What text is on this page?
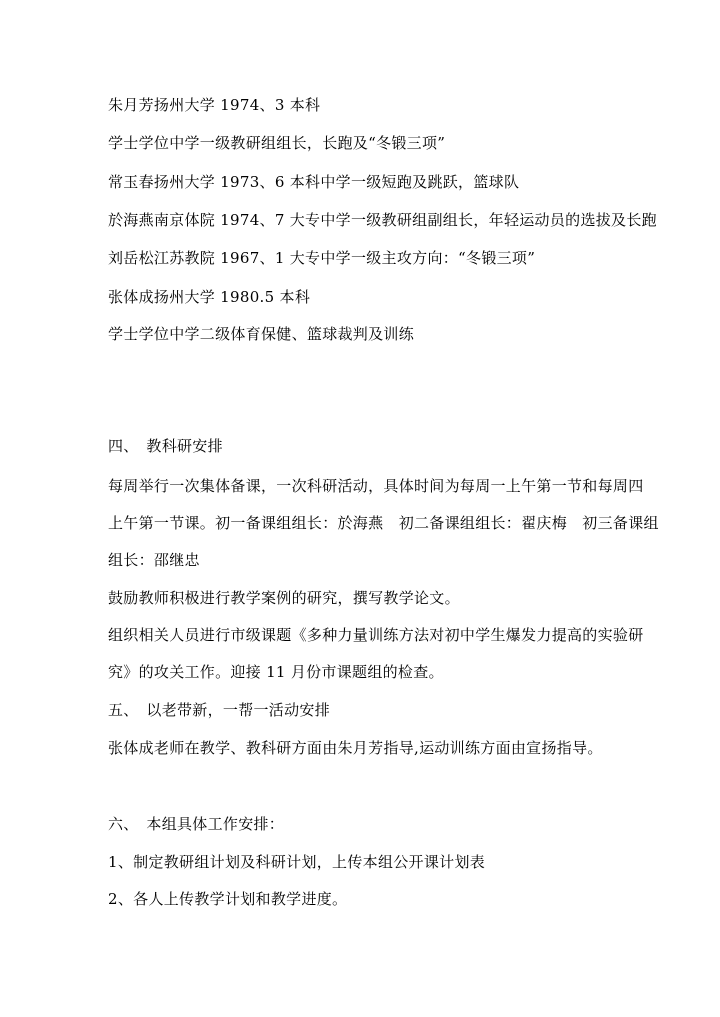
朱月芳扬州大学 1974、3 本科
学士学位中学一级教研组组长，长跑及“冬锻三项”
常玉春扬州大学 1973、6 本科中学一级短跑及跳跃，篮球队
於海燕南京体院 1974、7 大专中学一级教研组副组长，年轻运动员的选拔及长跑
刘岳松江苏教院 1967、1 大专中学一级主攻方向：“冬锻三项”
张体成扬州大学 1980.5 本科
学士学位中学二级体育保健、篮球裁判及训练
四、　教科研安排
每周举行一次集体备课，一次科研活动，具体时间为每周一上午第一节和每周四
上午第一节课。初一备课组组长：於海燕　初二备课组组长：翟庆梅　初三备课组
组长：邵继忠
鼓励教师积极进行教学案例的研究，撰写教学论文。
组织相关人员进行市级课题《多种力量训练方法对初中学生爆发力提高的实验研
究》的攻关工作。迎接 11 月份市课题组的检查。
五、　以老带新，一帮一活动安排
张体成老师在教学、教科研方面由朱月芳指导,运动训练方面由宣扬指导。
六、　本组具体工作安排：
1、制定教研组计划及科研计划，上传本组公开课计划表
2、各人上传教学计划和教学进度。
